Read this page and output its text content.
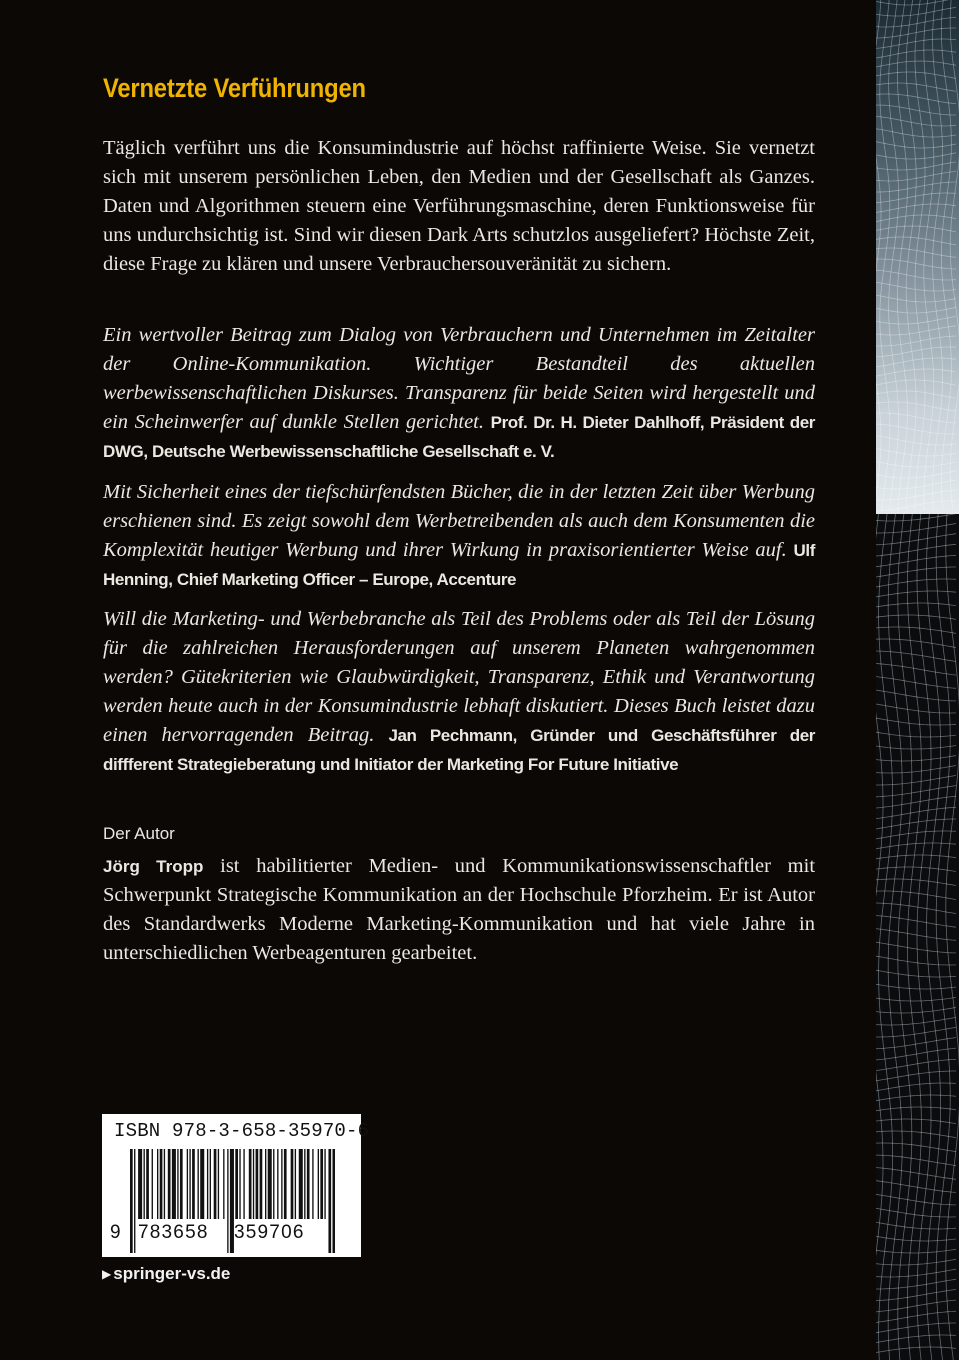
Vernetzte Verführungen
Täglich verführt uns die Konsumindustrie auf höchst raffinierte Weise. Sie vernetzt sich mit unserem persönlichen Leben, den Medien und der Gesellschaft als Ganzes. Daten und Algorithmen steuern eine Verführungsmaschine, deren Funktionsweise für uns undurchsichtig ist. Sind wir diesen Dark Arts schutzlos ausgeliefert? Höchste Zeit, diese Frage zu klären und unsere Verbrauchersouveränität zu sichern.
Ein wertvoller Beitrag zum Dialog von Verbrauchern und Unternehmen im Zeitalter der Online-Kommunikation. Wichtiger Bestandteil des aktuellen werbewissenschaftlichen Diskurses. Transparenz für beide Seiten wird hergestellt und ein Scheinwerfer auf dunkle Stellen gerichtet. Prof. Dr. H. Dieter Dahlhoff, Präsident der DWG, Deutsche Werbewissenschaftliche Gesellschaft e. V.
Mit Sicherheit eines der tiefschürfendsten Bücher, die in der letzten Zeit über Werbung erschienen sind. Es zeigt sowohl dem Werbetreibenden als auch dem Konsumenten die Komplexität heutiger Werbung und ihrer Wirkung in praxisorientierter Weise auf. Ulf Henning, Chief Marketing Officer – Europe, Accenture
Will die Marketing- und Werbebranche als Teil des Problems oder als Teil der Lösung für die zahlreichen Herausforderungen auf unserem Planeten wahrgenommen werden? Gütekriterien wie Glaubwürdigkeit, Transparenz, Ethik und Verantwortung werden heute auch in der Konsumindustrie lebhaft diskutiert. Dieses Buch leistet dazu einen hervorragenden Beitrag. Jan Pechmann, Gründer und Geschäftsführer der diffferent Strategieberatung und Initiator der Marketing For Future Initiative
Der Autor
Jörg Tropp ist habilitierter Medien- und Kommunikationswissenschaftler mit Schwerpunkt Strategische Kommunikation an der Hochschule Pforzheim. Er ist Autor des Standardwerks Moderne Marketing-Kommunikation und hat viele Jahre in unterschiedlichen Werbeagenturen gearbeitet.
ISBN 978-3-658-35970-6
9 783658 359706
▶ springer-vs.de
